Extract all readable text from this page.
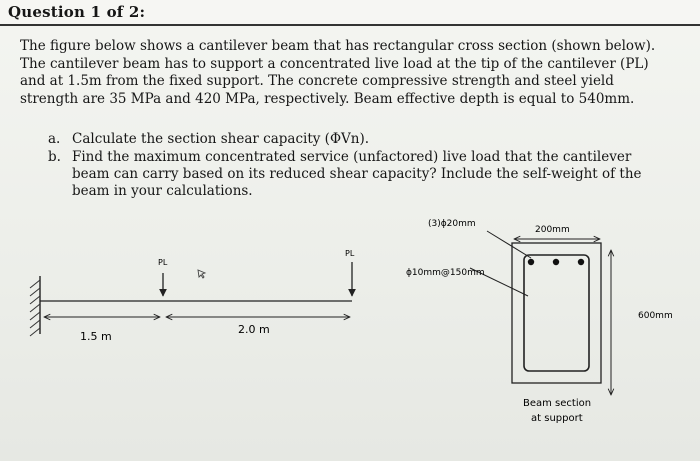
Question 1 of 2:

The figure below shows a cantilever beam that has rectangular cross section (shown below). The cantilever beam has to support a concentrated live load at the tip of the cantilever (PL) and at 1.5m from the fixed support. The concrete compressive strength and steel yield strength are 35 MPa and 420 MPa, respectively. Beam effective depth is equal to 540mm.

a. Calculate the section shear capacity (ΦVn).
b. Find the maximum concentrated service (unfactored) live load that the cantilever beam can carry based on its reduced shear capacity? Include the self-weight of the beam in your calculations.
PL
PL
1.5 m
2.0 m
(3)ϕ20mm
200mm
ϕ10mm@150mm
600mm
Beam section
at support
